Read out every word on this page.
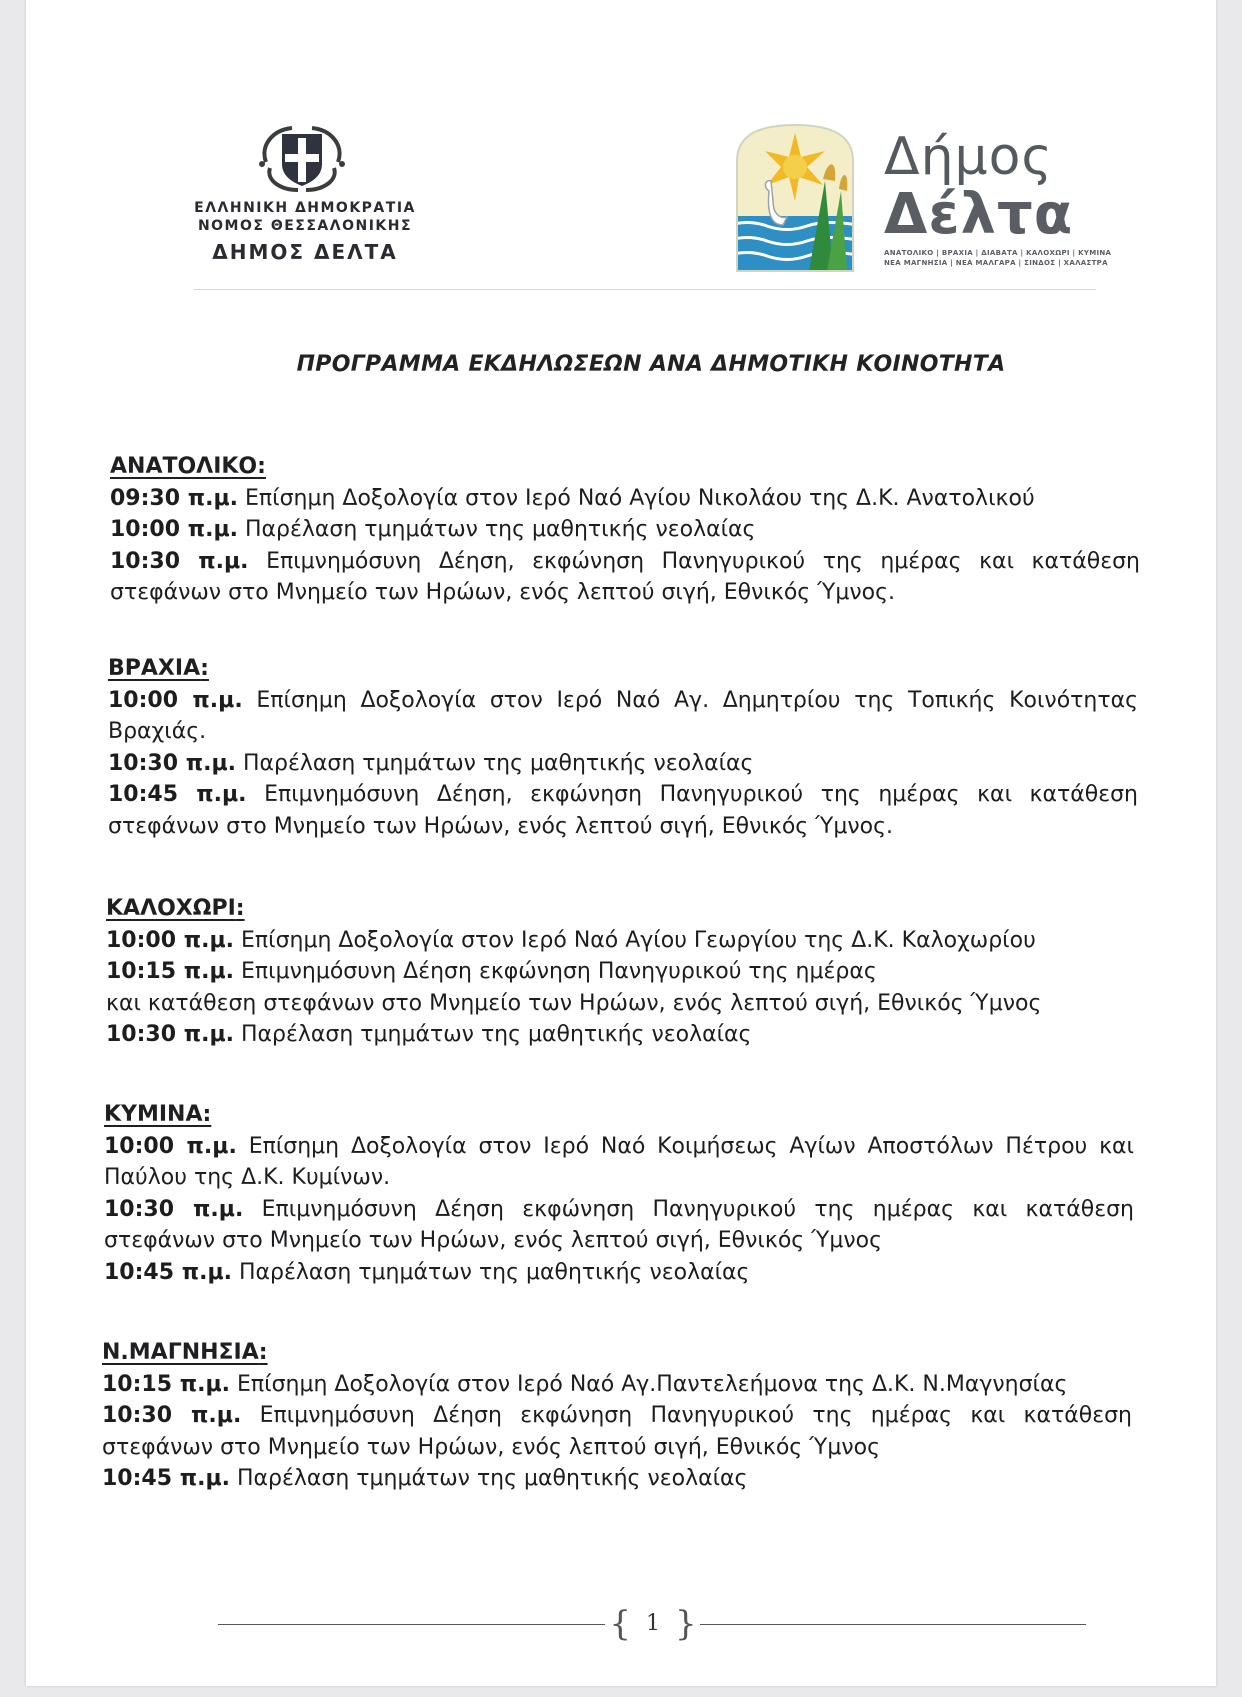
ΕΛΛΗΝΙΚΗ ΔΗΜΟΚΡΑΤΙΑ
ΝΟΜΟΣ ΘΕΣΣΑΛΟΝΙΚΗΣ
ΔΗΜΟΣ ΔΕΛΤΑ
Δήμος
Δέλτα
ΑΝΑΤΟΛΙΚΟ | ΒΡΑΧΙΑ | ΔΙΑΒΑΤΑ | ΚΑΛΟΧΩΡΙ | ΚΥΜΙΝΑ ΝΕΑ ΜΑΓΝΗΣΙΑ | ΝΕΑ ΜΑΛΓΑΡΑ | ΣΙΝΔΟΣ | ΧΑΛΑΣΤΡΑ
ΠΡΟΓΡΑΜΜΑ ΕΚΔΗΛΩΣΕΩΝ ΑΝΑ ΔΗΜΟΤΙΚΗ ΚΟΙΝΟΤΗΤΑ
ΑΝΑΤΟΛΙΚΟ:
09:30 π.μ. Επίσημη Δοξολογία στον Ιερό Ναό Αγίου Νικολάου της Δ.Κ. Ανατολικού
10:00 π.μ. Παρέλαση τμημάτων της μαθητικής νεολαίας
10:30 π.μ. Επιμνημόσυνη Δέηση, εκφώνηση Πανηγυρικού της ημέρας και κατάθεση στεφάνων στο Μνημείο των Ηρώων, ενός λεπτού σιγή, Εθνικός Ύμνος.
ΒΡΑΧΙΑ:
10:00 π.μ. Επίσημη Δοξολογία στον Ιερό Ναό Αγ. Δημητρίου της Τοπικής Κοινότητας Βραχιάς.
10:30 π.μ. Παρέλαση τμημάτων της μαθητικής νεολαίας
10:45 π.μ. Επιμνημόσυνη Δέηση, εκφώνηση Πανηγυρικού της ημέρας και κατάθεση στεφάνων στο Μνημείο των Ηρώων, ενός λεπτού σιγή, Εθνικός Ύμνος.
ΚΑΛΟΧΩΡΙ:
10:00 π.μ. Επίσημη Δοξολογία στον Ιερό Ναό Αγίου Γεωργίου της Δ.Κ. Καλοχωρίου
10:15 π.μ. Επιμνημόσυνη Δέηση εκφώνηση Πανηγυρικού της ημέρας
και κατάθεση στεφάνων στο Μνημείο των Ηρώων, ενός λεπτού σιγή, Εθνικός Ύμνος
10:30 π.μ. Παρέλαση τμημάτων της μαθητικής νεολαίας
ΚΥΜΙΝΑ:
10:00 π.μ. Επίσημη Δοξολογία στον Ιερό Ναό Κοιμήσεως Αγίων Αποστόλων Πέτρου και Παύλου της Δ.Κ. Κυμίνων.
10:30 π.μ. Επιμνημόσυνη Δέηση εκφώνηση Πανηγυρικού της ημέρας και κατάθεση στεφάνων στο Μνημείο των Ηρώων, ενός λεπτού σιγή, Εθνικός Ύμνος
10:45 π.μ. Παρέλαση τμημάτων της μαθητικής νεολαίας
Ν.ΜΑΓΝΗΣΙΑ:
10:15 π.μ. Επίσημη Δοξολογία στον Ιερό Ναό Αγ.Παντελεήμονα της Δ.Κ. Ν.Μαγνησίας
10:30 π.μ. Επιμνημόσυνη Δέηση εκφώνηση Πανηγυρικού της ημέρας και κατάθεση στεφάνων στο Μνημείο των Ηρώων, ενός λεπτού σιγή, Εθνικός Ύμνος
10:45 π.μ. Παρέλαση τμημάτων της μαθητικής νεολαίας
{ 1 }
